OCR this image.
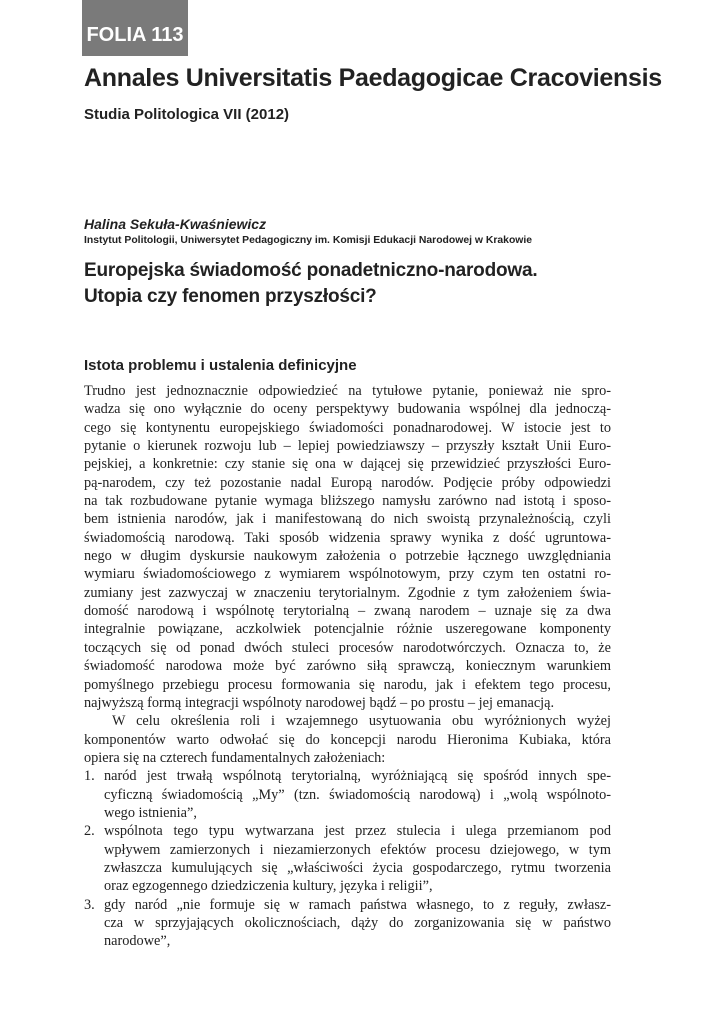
FOLIA 113
Annales Universitatis Paedagogicae Cracoviensis
Studia Politologica VII (2012)
Halina Sekuła-Kwaśniewicz
Instytut Politologii, Uniwersytet Pedagogiczny im. Komisji Edukacji Narodowej w Krakowie
Europejska świadomość ponadetniczno-narodowa.
Utopia czy fenomen przyszłości?
Istota problemu i ustalenia definicyjne
Trudno jest jednoznacznie odpowiedzieć na tytułowe pytanie, ponieważ nie spro-
wadza się ono wyłącznie do oceny perspektywy budowania wspólnej dla jednoczą-
cego się kontynentu europejskiego świadomości ponadnarodowej. W istocie jest to
pytanie o kierunek rozwoju lub – lepiej powiedziawszy – przyszły kształt Unii Euro-
pejskiej, a konkretnie: czy stanie się ona w dającej się przewidzieć przyszłości Euro-
pą-narodem, czy też pozostanie nadal Europą narodów. Podjęcie próby odpowiedzi
na tak rozbudowane pytanie wymaga bliższego namysłu zarówno nad istotą i sposo-
bem istnienia narodów, jak i manifestowaną do nich swoistą przynależnością, czyli
świadomością narodową. Taki sposób widzenia sprawy wynika z dość ugruntowa-
nego w długim dyskursie naukowym założenia o potrzebie łącznego uwzględniania
wymiaru świadomościowego z wymiarem wspólnotowym, przy czym ten ostatni ro-
zumiany jest zazwyczaj w znaczeniu terytorialnym. Zgodnie z tym założeniem świa-
domość narodową i wspólnotę terytorialną – zwaną narodem – uznaje się za dwa
integralnie powiązane, aczkolwiek potencjalnie różnie uszeregowane komponenty
toczących się od ponad dwóch stuleci procesów narodotwórczych. Oznacza to, że
świadomość narodowa może być zarówno siłą sprawczą, koniecznym warunkiem
pomyślnego przebiegu procesu formowania się narodu, jak i efektem tego procesu,
najwyższą formą integracji wspólnoty narodowej bądź – po prostu – jej emanacją.
W celu określenia roli i wzajemnego usytuowania obu wyróżnionych wyżej
komponentów warto odwołać się do koncepcji narodu Hieronima Kubiaka, która
opiera się na czterech fundamentalnych założeniach:
1. naród jest trwałą wspólnotą terytorialną, wyróżniającą się spośród innych spe-
cyficzną świadomością „My” (tzn. świadomością narodową) i „wolą wspólnoto-
wego istnienia”,
2. wspólnota tego typu wytwarzana jest przez stulecia i ulega przemianom pod
wpływem zamierzonych i niezamierzonych efektów procesu dziejowego, w tym
zwłaszcza kumulujących się „właściwości życia gospodarczego, rytmu tworzenia
oraz egzogennego dziedziczenia kultury, języka i religii”,
3. gdy naród „nie formuje się w ramach państwa własnego, to z reguły, zwłasz-
cza w sprzyjających okolicznościach, dąży do zorganizowania się w państwo
narodowe”,
